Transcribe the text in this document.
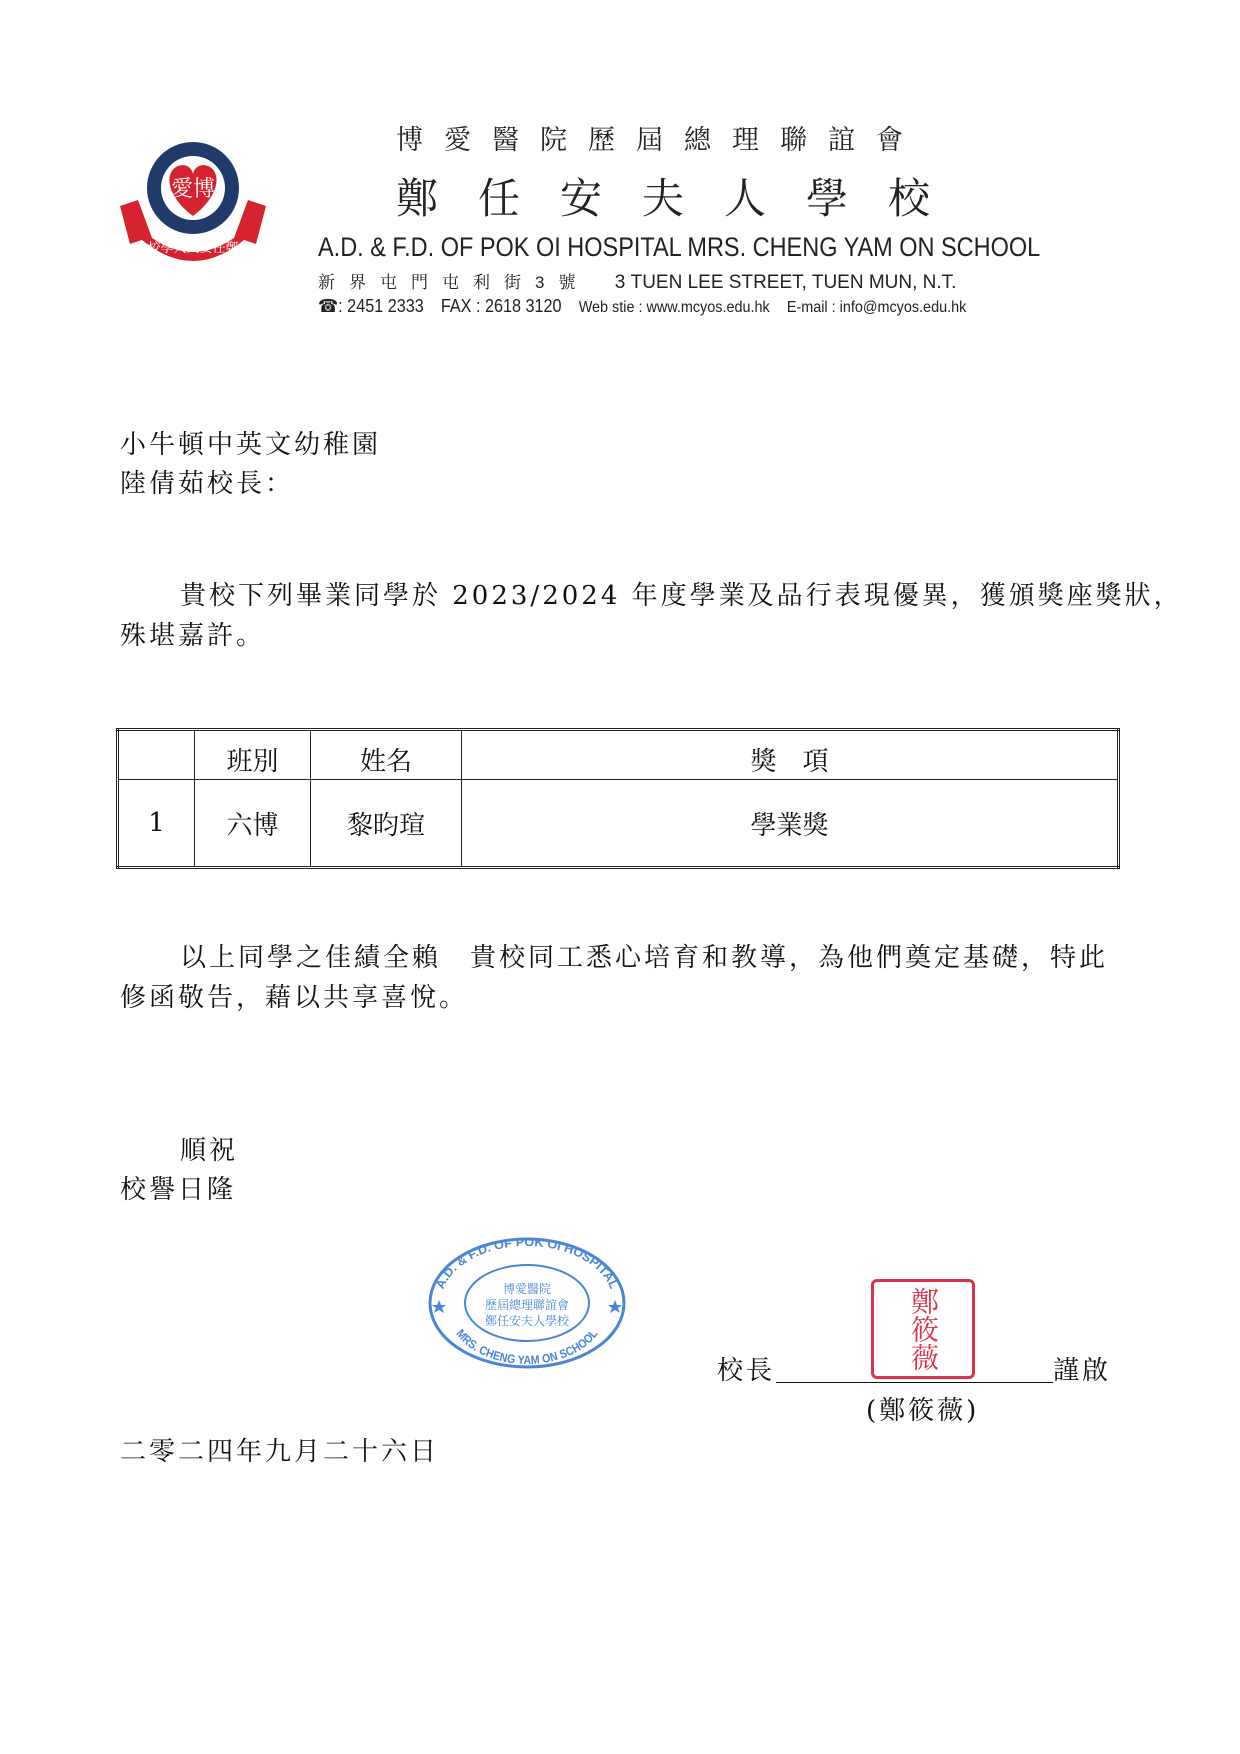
愛博
校學人夫安任鄭
博愛醫院歷屆總理聯誼會
鄭任安夫人學校
A.D. & F.D. OF POK OI HOSPITAL MRS. CHENG YAM ON SCHOOL
新界屯門屯利街3號 3 TUEN LEE STREET, TUEN MUN, N.T.
☎: 2451 2333 FAX : 2618 3120 Web stie : www.mcyos.edu.hk E-mail : info@mcyos.edu.hk
小牛頓中英文幼稚園
陸倩茹校長：
貴校下列畢業同學於 2023/2024 年度學業及品行表現優異，獲頒獎座獎狀，
殊堪嘉許。
	班別	姓名	獎　項
1	六博	黎昀瑄	學業獎
以上同學之佳績全賴　貴校同工悉心培育和教導，為他們奠定基礎，特此
修函敬告，藉以共享喜悅。
順祝
校譽日隆
A.D. & F.D. OF POK OI HOSPITAL
MRS. CHENG YAM ON SCHOOL
博愛醫院
歷屆總理聯誼會
鄭任安夫人學校	鄭筱薇
校長	謹啟
(鄭筱薇)
二零二四年九月二十六日
